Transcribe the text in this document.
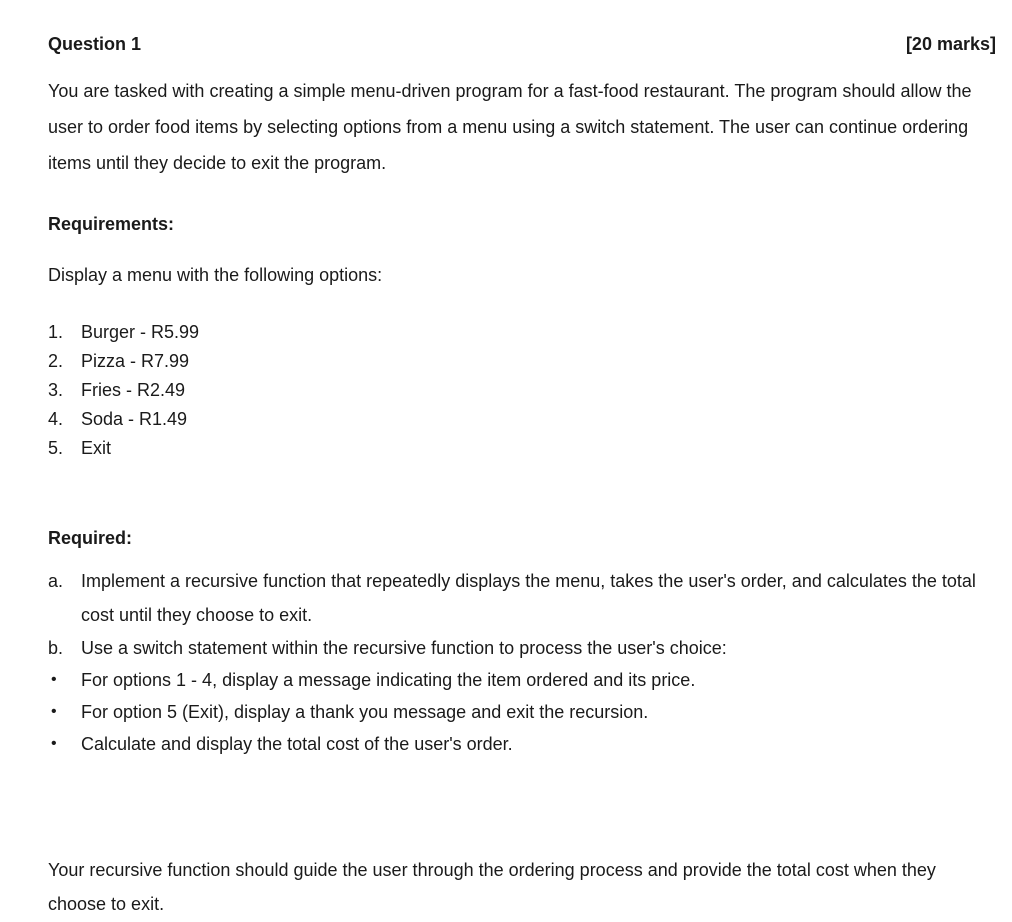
Question 1	[20 marks]

You are tasked with creating a simple menu-driven program for a fast-food restaurant. The program should allow the user to order food items by selecting options from a menu using a switch statement. The user can continue ordering items until they decide to exit the program.

Requirements:
Display a menu with the following options:
1. Burger - R5.99
2. Pizza - R7.99
3. Fries - R2.49
4. Soda - R1.49
5. Exit
Required:
a. Implement a recursive function that repeatedly displays the menu, takes the user's order, and calculates the total cost until they choose to exit.
b. Use a switch statement within the recursive function to process the user's choice:
• For options 1 - 4, display a message indicating the item ordered and its price.
• For option 5 (Exit), display a thank you message and exit the recursion.
• Calculate and display the total cost of the user's order.

Your recursive function should guide the user through the ordering process and provide the total cost when they choose to exit.
